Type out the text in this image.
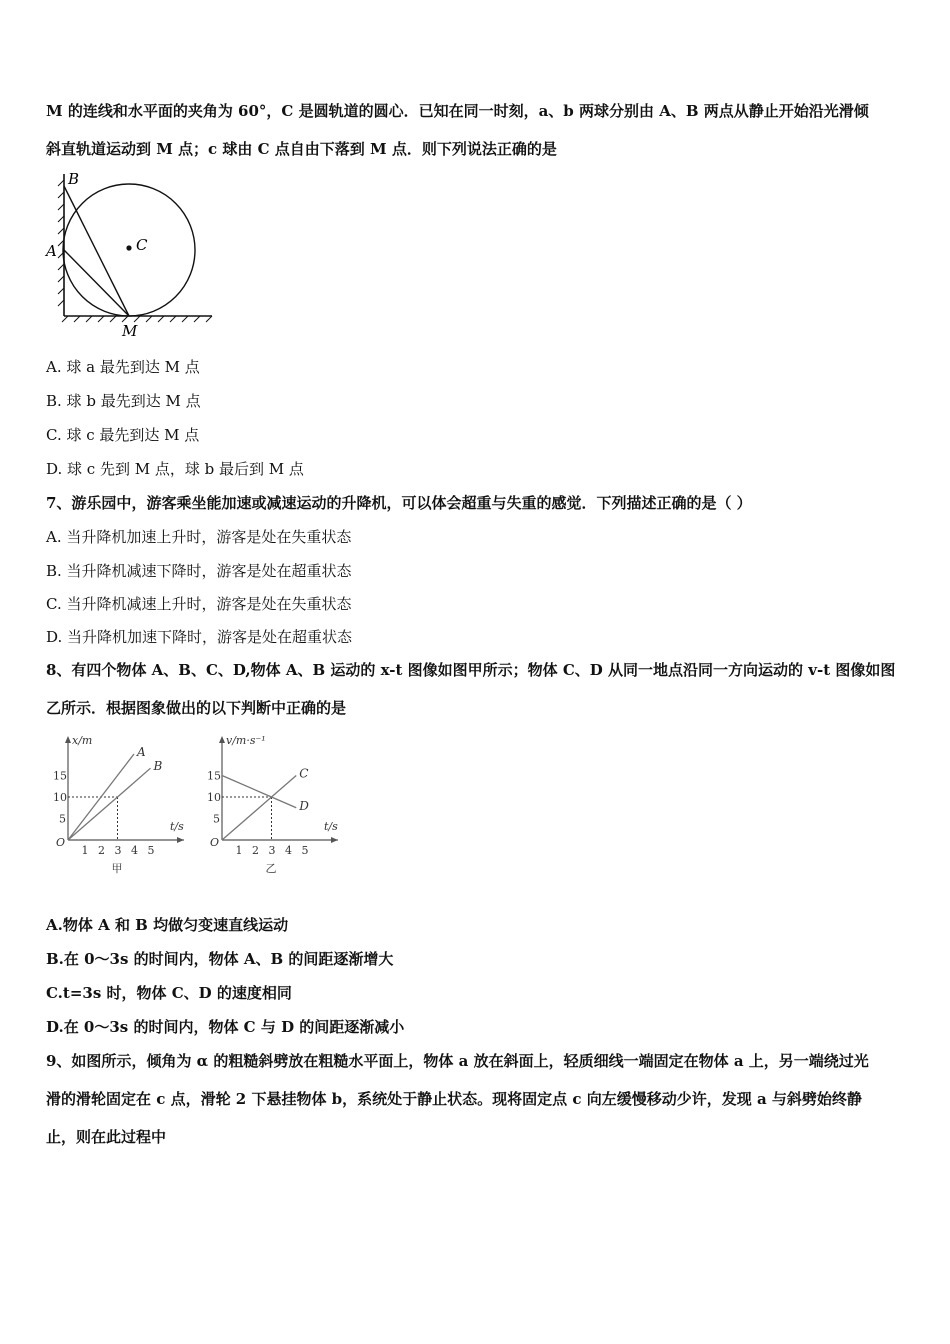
M 的连线和水平面的夹角为 60°，C 是圆轨道的圆心．已知在同一时刻，a、b 两球分别由 A、B 两点从静止开始沿光滑倾
斜直轨道运动到 M 点；c 球由 C 点自由下落到 M 点．则下列说法正确的是
B
A	C
M
A. 球 a 最先到达 M 点
B. 球 b 最先到达 M 点
C. 球 c 最先到达 M 点
D. 球 c 先到 M 点，球 b 最后到 M 点
7、游乐园中，游客乘坐能加速或减速运动的升降机，可以体会超重与失重的感觉．下列描述正确的是（ ）
A. 当升降机加速上升时，游客是处在失重状态
B. 当升降机减速下降时，游客是处在超重状态
C. 当升降机减速上升时，游客是处在失重状态
D. 当升降机加速下降时，游客是处在超重状态
8、有四个物体 A、B、C、D,物体 A、B 运动的 x-t 图像如图甲所示；物体 C、D 从同一地点沿同一方向运动的 v-t 图像如图
乙所示．根据图象做出的以下判断中正确的是
x/m
t/s
O
1 2 3 4 5
5
10
15
A
B
甲
v/m·s⁻¹
t/s
O
1 2 3 4 5
5
10
15	C
D
乙
A.物体 A 和 B 均做匀变速直线运动
B.在 0～3s 的时间内，物体 A、B 的间距逐渐增大
C.t=3s 时，物体 C、D 的速度相同
D.在 0～3s 的时间内，物体 C 与 D 的间距逐渐减小
9、如图所示，倾角为 α 的粗糙斜劈放在粗糙水平面上，物体 a 放在斜面上，轻质细线一端固定在物体 a 上，另一端绕过光
滑的滑轮固定在 c 点，滑轮 2 下悬挂物体 b，系统处于静止状态。现将固定点 c 向左缓慢移动少许，发现 a 与斜劈始终静
止，则在此过程中
